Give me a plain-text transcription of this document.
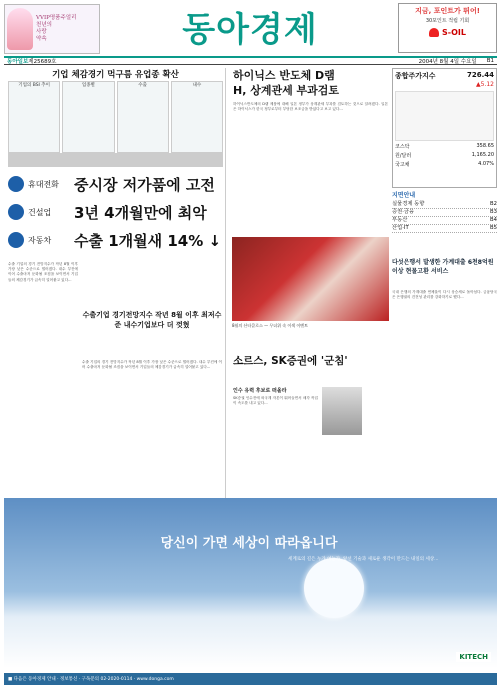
VVIP명품주얼리
천년의
사랑
약속	동아경제	지금, 포인트가 뛰어!
30포인트 적립 기회
S-OIL
동아일보 제25689호	2004년 8월 4일 수요일 B1
기업 체감경기 먹구름 유업종 확산
기업의 BSI 추이	업종별	수출	내수
휴대전화	중시장 저가품에 고전
건설업	3년 4개월만에 최악
자동차	수출 1개월새 14% ↓
수출 기업의 경기 전망지수가 작년 8월 이후 가장 낮은 수준으로 떨어졌다. 내수 부진에 이어 수출마저 둔화될 조짐을 보이면서 기업들의 체감경기가 급속히 얼어붙고 있다...
수출기업 경기전망지수 작년 8월 이후 최저수준 내수기업보다 더 껏혔
수출 기업의 경기 전망지수가 작년 8월 이후 가장 낮은 수준으로 떨어졌다. 내수 부진에 이어 수출마저 둔화될 조짐을 보이면서 기업들의 체감경기가 급속히 얼어붙고 있다...
하이닉스 반도체 D램
H, 상계관세 부과검토
하이닉스반도체의 D램 제품에 대해 일본 정부가 상계관세 부과를 검토하는 것으로 알려졌다. 일본은 하이닉스가 한국 정부로부터 부당한 보조금을 받았다고 보고 있다...
8월의 산타클로스 — 무더위 속 이색 이벤트
소르스, SK증권에 '군침'
인수 유력 후보로 떠올라
SK증권 인수전에 외국계 자본이 뛰어들면서 매각 작업이 속도를 내고 있다...
종합주가지수	726.44
▲5.12
코스닥	358.65
원/달러	1,165.20
국고채	4.07%
지면안내
실물경제 동향	B2
증권·금융	B3
부동산	B4
산업·IT	B5
다섯은행서 발생한 가계대출 6천8억원 이상 현물고환 서비스
국내 은행의 가계대출 연체율이 다시 상승세로 돌아섰다. 금융당국은 은행권의 건전성 관리를 강화하기로 했다...
당신이 가면 세상이 따라옵니다
세계로의 길은 누가 여는가. 앞선 기술과 새로운 생각이 만드는 내일의 세상...
KITECH
■ 다음은 동아경제 안내 · 정보통신 · 구독문의 02-2020-0114 · www.donga.com
